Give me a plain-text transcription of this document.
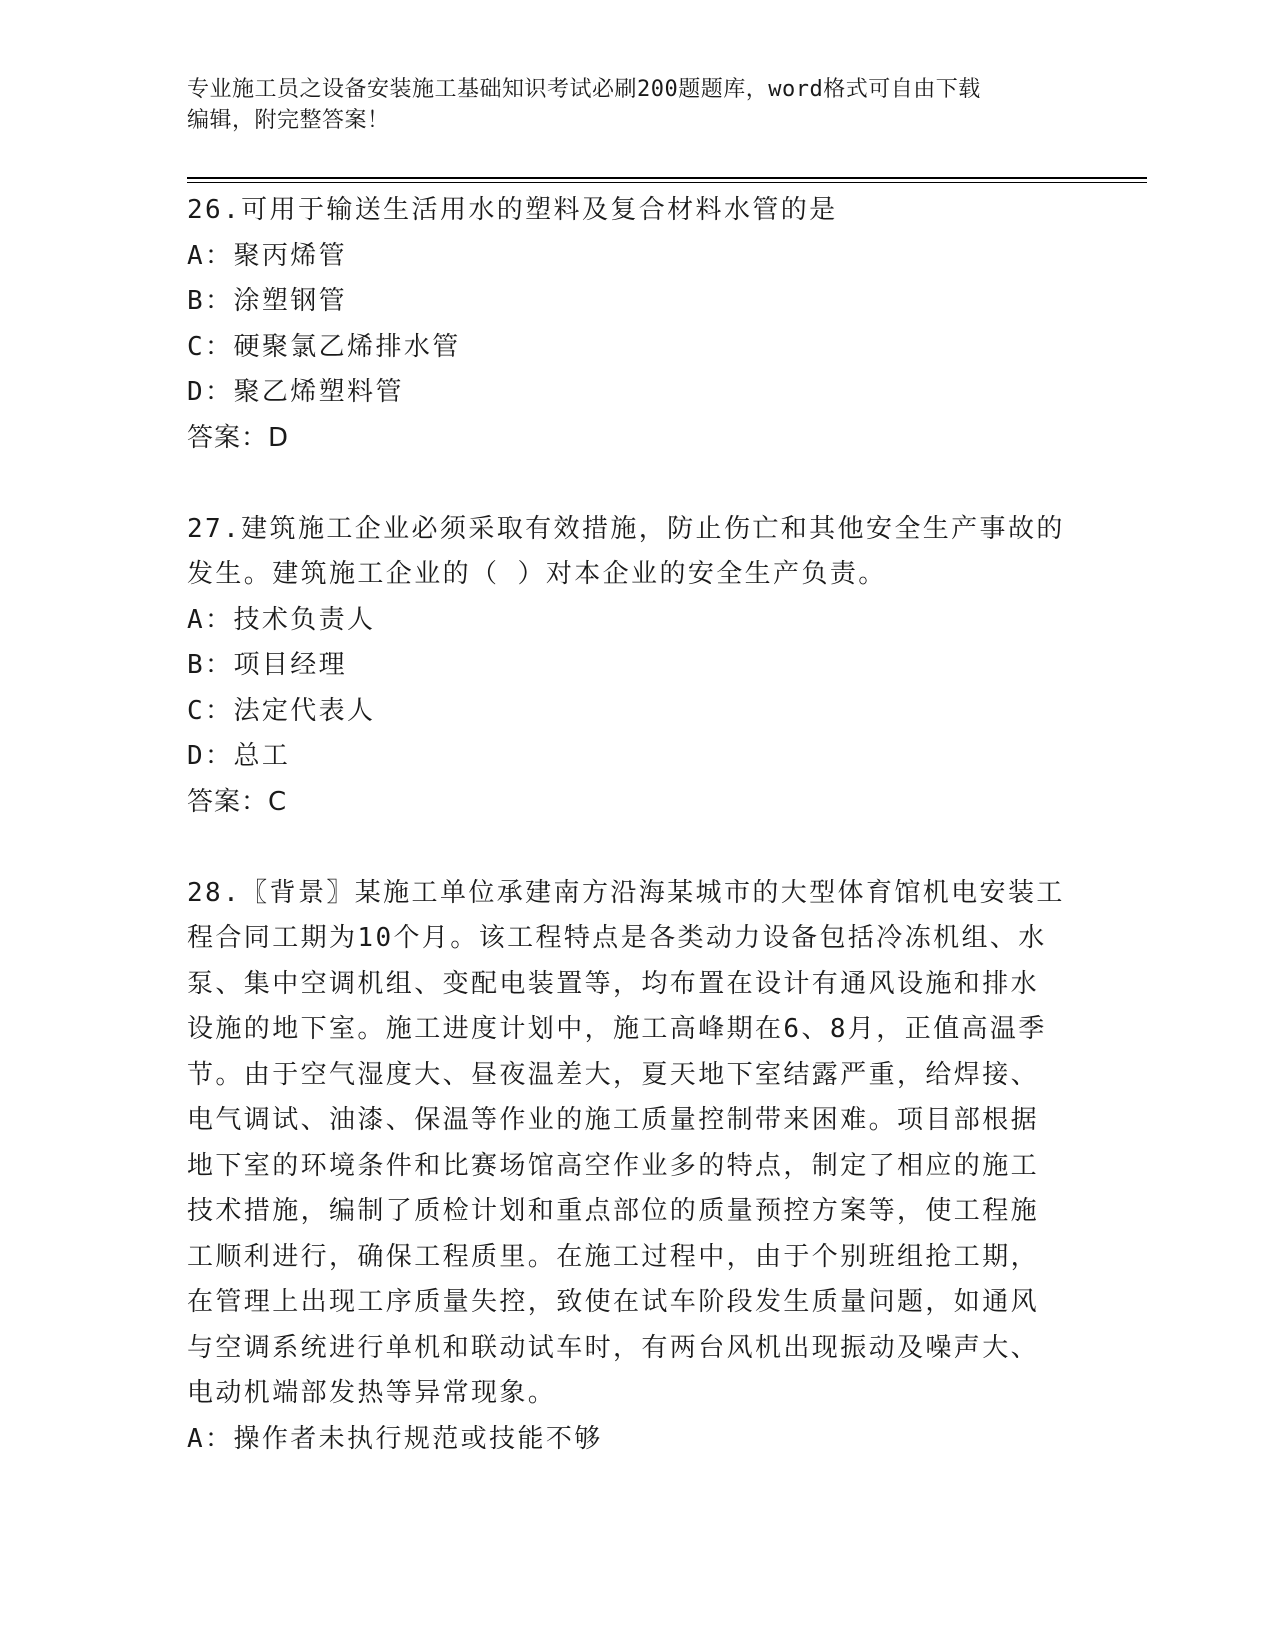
专业施工员之设备安装施工基础知识考试必刷200题题库，word格式可自由下载
编辑，附完整答案！
26.可用于输送生活用水的塑料及复合材料水管的是
A：聚丙烯管
B：涂塑钢管
C：硬聚氯乙烯排水管
D：聚乙烯塑料管
答案：D
27.建筑施工企业必须采取有效措施，防止伤亡和其他安全生产事故的发生。建筑施工企业的（ ）对本企业的安全生产负责。
A：技术负责人
B：项目经理
C：法定代表人
D：总工
答案：C
28.〖背景〗某施工单位承建南方沿海某城市的大型体育馆机电安装工程合同工期为10个月。该工程特点是各类动力设备包括冷冻机组、水泵、集中空调机组、变配电装置等，均布置在设计有通风设施和排水设施的地下室。施工进度计划中，施工高峰期在6、8月，正值高温季节。由于空气湿度大、昼夜温差大，夏天地下室结露严重，给焊接、电气调试、油漆、保温等作业的施工质量控制带来困难。项目部根据地下室的环境条件和比赛场馆高空作业多的特点，制定了相应的施工技术措施，编制了质检计划和重点部位的质量预控方案等，使工程施工顺利进行，确保工程质里。在施工过程中，由于个别班组抢工期，在管理上出现工序质量失控，致使在试车阶段发生质量问题，如通风与空调系统进行单机和联动试车时，有两台风机出现振动及噪声大、电动机端部发热等异常现象。
A：操作者未执行规范或技能不够
